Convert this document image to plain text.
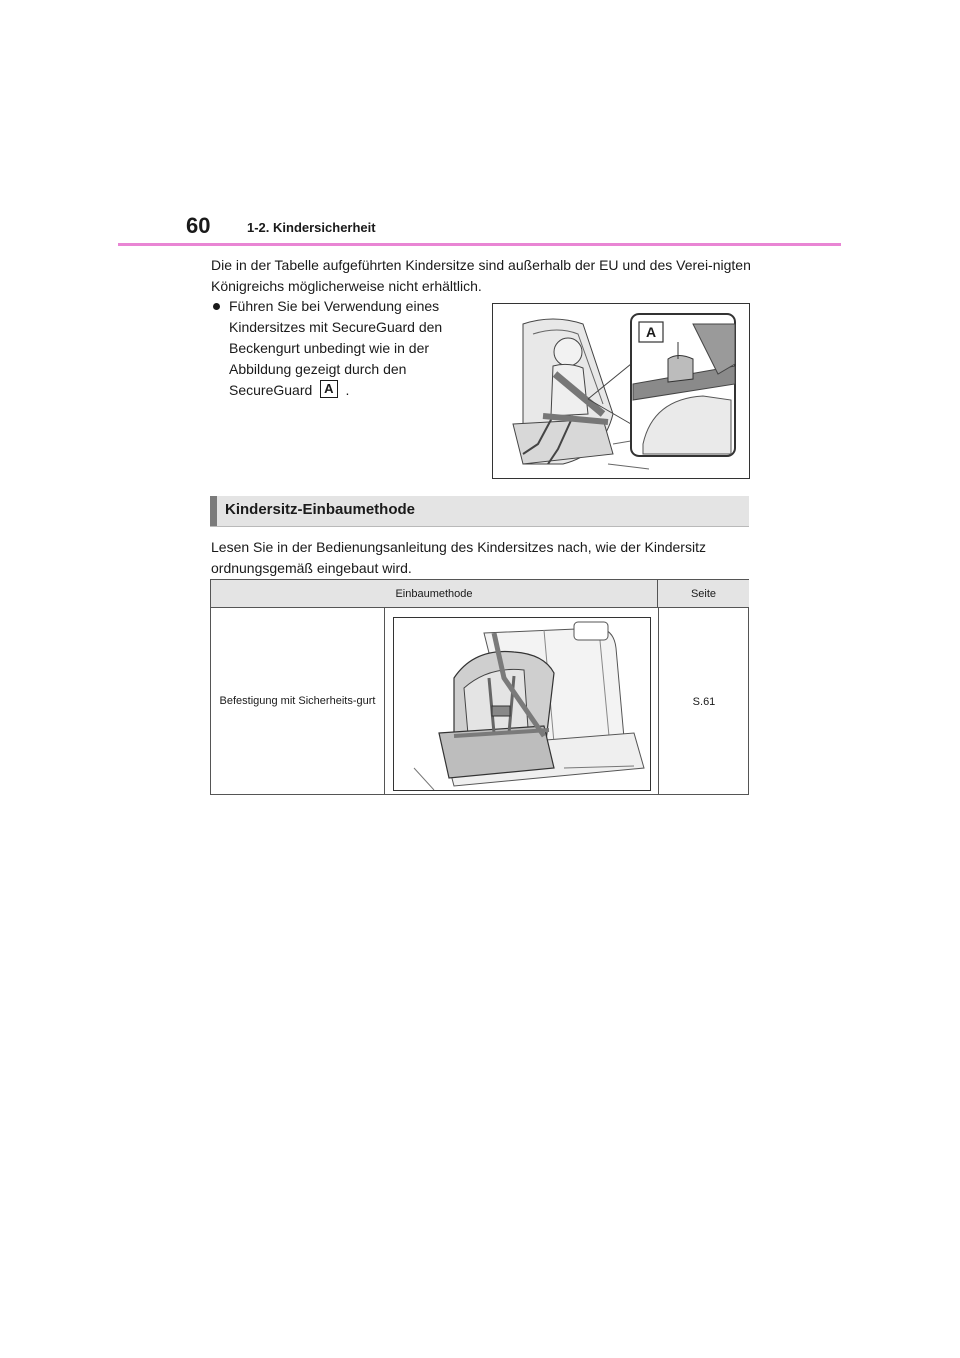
60	1-2. Kindersicherheit
Die in der Tabelle aufgeführten Kindersitze sind außerhalb der EU und des Verei-nigten Königreichs möglicherweise nicht erhältlich.
Führen Sie bei Verwendung eines Kindersitzes mit SecureGuard den Beckengurt unbedingt wie in der Abbildung gezeigt durch den SecureGuard A .
A
Kindersitz-Einbaumethode
Lesen Sie in der Bedienungsanleitung des Kindersitzes nach, wie der Kindersitz ordnungsgemäß eingebaut wird.
Einbaumethode	Seite
Befestigung mit Sicherheits-gurt	S.61
